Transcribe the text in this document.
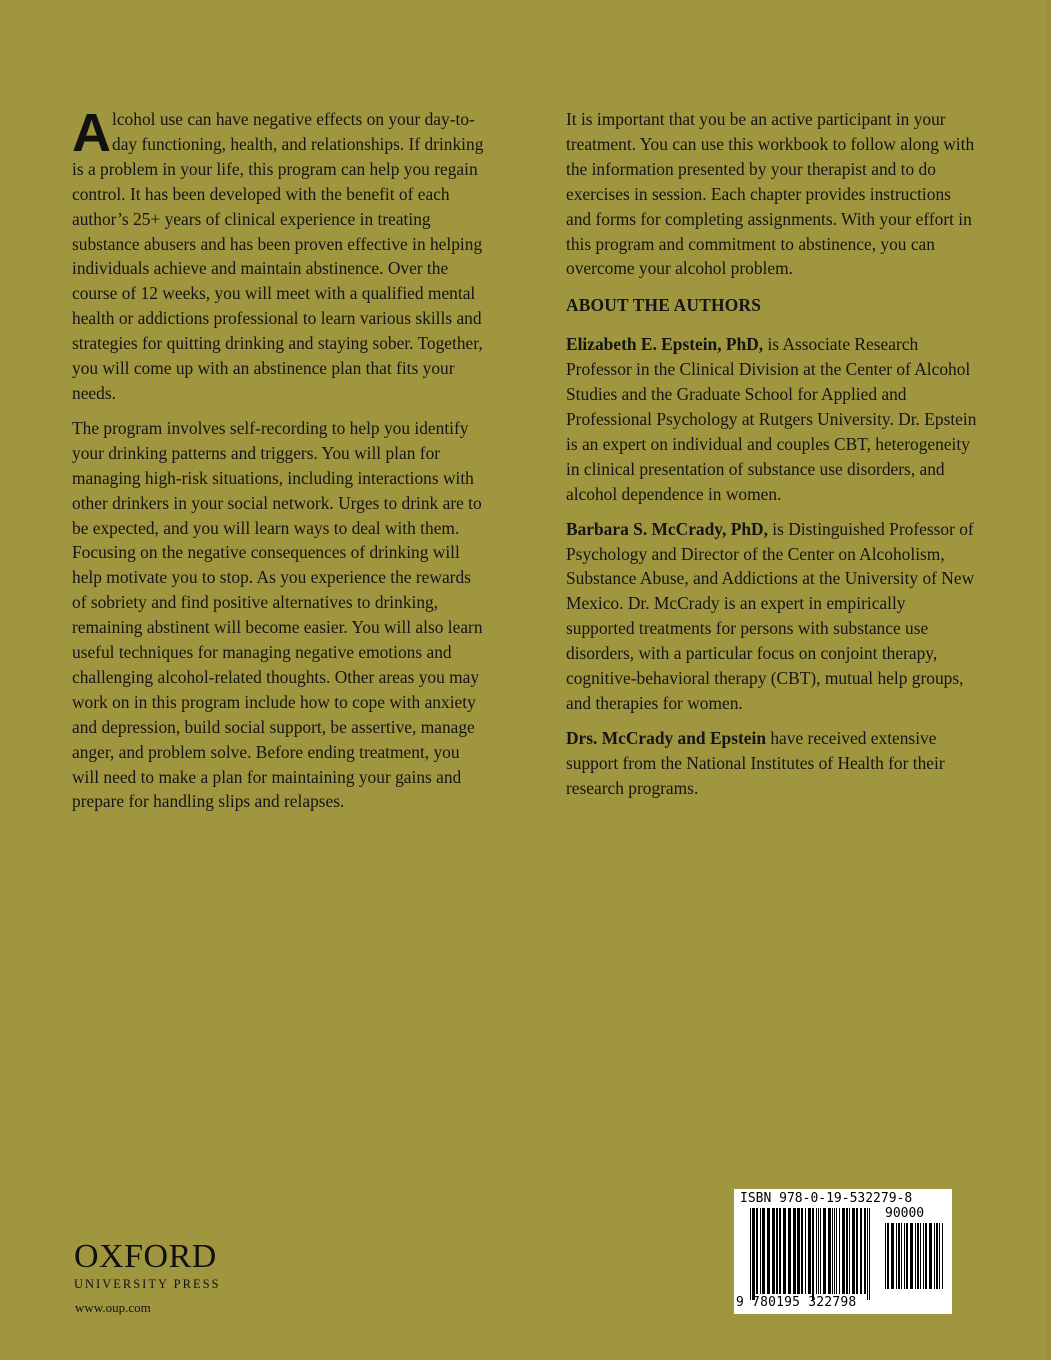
Alcohol use can have negative effects on your day-to-day functioning, health, and relationships. If drinking is a problem in your life, this program can help you regain control. It has been developed with the benefit of each author’s 25+ years of clinical experience in treating substance abusers and has been proven effective in helping individuals achieve and maintain abstinence. Over the course of 12 weeks, you will meet with a qualified mental health or addictions professional to learn various skills and strategies for quitting drinking and staying sober. Together, you will come up with an abstinence plan that fits your needs.

The program involves self-recording to help you identify your drinking patterns and triggers. You will plan for managing high-risk situations, including interactions with other drinkers in your social network. Urges to drink are to be expected, and you will learn ways to deal with them. Focusing on the negative consequences of drinking will help motivate you to stop. As you experience the rewards of sobriety and find positive alternatives to drinking, remaining abstinent will become easier. You will also learn useful techniques for managing negative emotions and challenging alcohol-related thoughts. Other areas you may work on in this program include how to cope with anxiety and depression, build social support, be assertive, manage anger, and problem solve. Before ending treatment, you will need to make a plan for maintaining your gains and prepare for handling slips and relapses.

It is important that you be an active participant in your treatment. You can use this workbook to follow along with the information presented by your therapist and to do exercises in session. Each chapter provides instructions and forms for completing assignments. With your effort in this program and commitment to abstinence, you can overcome your alcohol problem.

ABOUT THE AUTHORS

Elizabeth E. Epstein, PhD, is Associate Research Professor in the Clinical Division at the Center of Alcohol Studies and the Graduate School for Applied and Professional Psychology at Rutgers University. Dr. Epstein is an expert on individual and couples CBT, heterogeneity in clinical presentation of substance use disorders, and alcohol dependence in women.

Barbara S. McCrady, PhD, is Distinguished Professor of Psychology and Director of the Center on Alcoholism, Substance Abuse, and Addictions at the University of New Mexico. Dr. McCrady is an expert in empirically supported treatments for persons with substance use disorders, with a particular focus on conjoint therapy, cognitive-behavioral therapy (CBT), mutual help groups, and therapies for women.

Drs. McCrady and Epstein have received extensive support from the National Institutes of Health for their research programs.

OXFORD
UNIVERSITY PRESS
www.oup.com
ISBN 978-0-19-532279-8
90000
9 780195 322798
